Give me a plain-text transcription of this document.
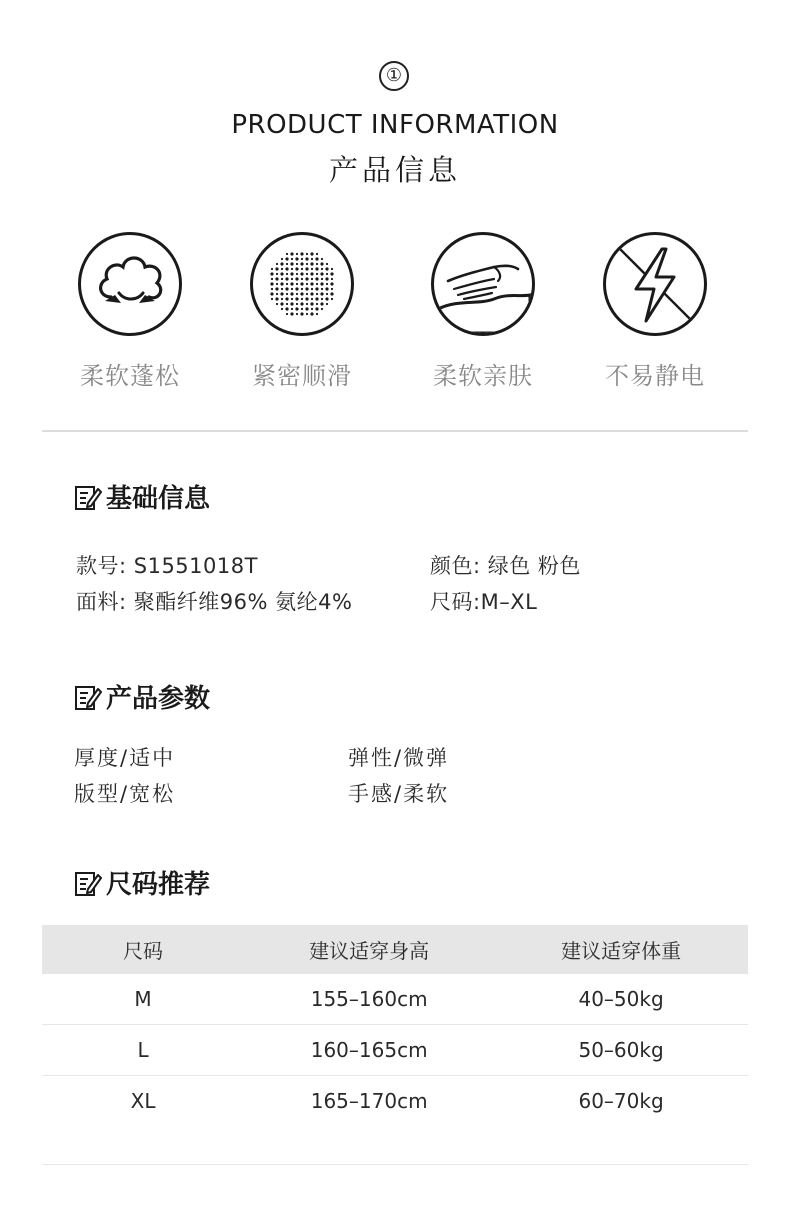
①
PRODUCT INFORMATION
产品信息
柔软蓬松	紧密顺滑	柔软亲肤	不易静电
基础信息
款号: S1551018T	颜色: 绿色 粉色
面料: 聚酯纤维96% 氨纶4%	尺码:M–XL
产品参数
厚度/适中	弹性/微弹
版型/宽松	手感/柔软
尺码推荐
尺码	建议适穿身高	建议适穿体重
M	155–160cm	40–50kg
L	160–165cm	50–60kg
XL	165–170cm	60–70kg
